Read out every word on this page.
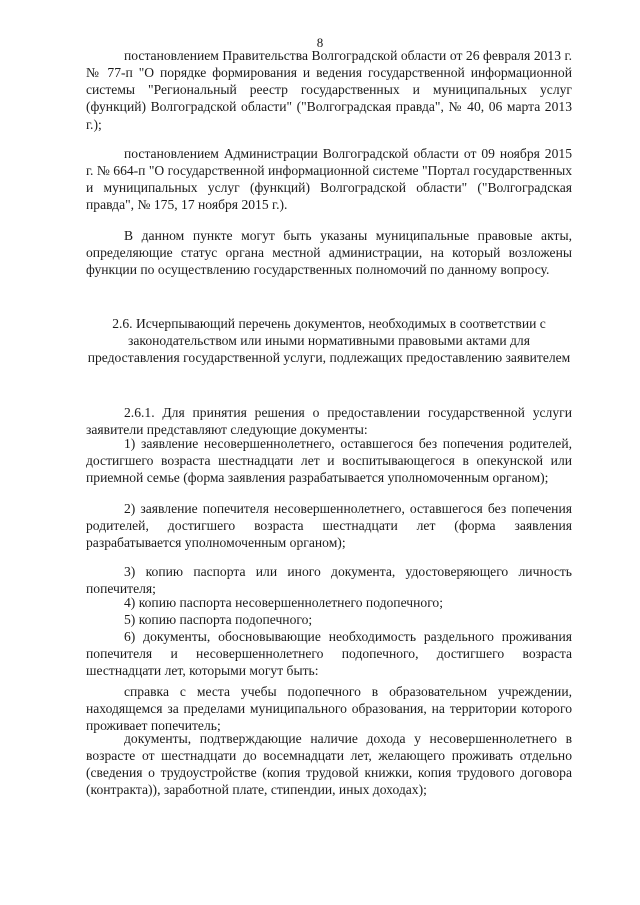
8

постановлением Правительства Волгоградской области от 26 февраля 2013 г. № 77-п "О порядке формирования и ведения государственной информационной системы "Региональный реестр государственных и муниципальных услуг (функций) Волгоградской области" ("Волгоградская правда", № 40, 06 марта 2013 г.);

постановлением Администрации Волгоградской области от 09 ноября 2015 г. № 664-п "О государственной информационной системе "Портал государственных и муниципальных услуг (функций) Волгоградской области" ("Волгоградская правда", № 175, 17 ноября 2015 г.).

В данном пункте могут быть указаны муниципальные правовые акты, определяющие статус органа местной администрации, на который возложены функции по осуществлению государственных полномочий по данному вопросу.

2.6. Исчерпывающий перечень документов, необходимых в соответствии с законодательством или иными нормативными правовыми актами для предоставления государственной услуги, подлежащих предоставлению заявителем

2.6.1. Для принятия решения о предоставлении государственной услуги заявители представляют следующие документы:

1) заявление несовершеннолетнего, оставшегося без попечения родителей, достигшего возраста шестнадцати лет и воспитывающегося в опекунской или приемной семье (форма заявления разрабатывается уполномоченным органом);

2) заявление попечителя несовершеннолетнего, оставшегося без попечения родителей, достигшего возраста шестнадцати лет (форма заявления разрабатывается уполномоченным органом);

3) копию паспорта или иного документа, удостоверяющего личность попечителя;

4) копию паспорта несовершеннолетнего подопечного;

5) копию паспорта подопечного;

6) документы, обосновывающие необходимость раздельного проживания попечителя и несовершеннолетнего подопечного, достигшего возраста шестнадцати лет, которыми могут быть:

справка с места учебы подопечного в образовательном учреждении, находящемся за пределами муниципального образования, на территории которого проживает попечитель;

документы, подтверждающие наличие дохода у несовершеннолетнего в возрасте от шестнадцати до восемнадцати лет, желающего проживать отдельно (сведения о трудоустройстве (копия трудовой книжки, копия трудового договора (контракта)), заработной плате, стипендии, иных доходах);
